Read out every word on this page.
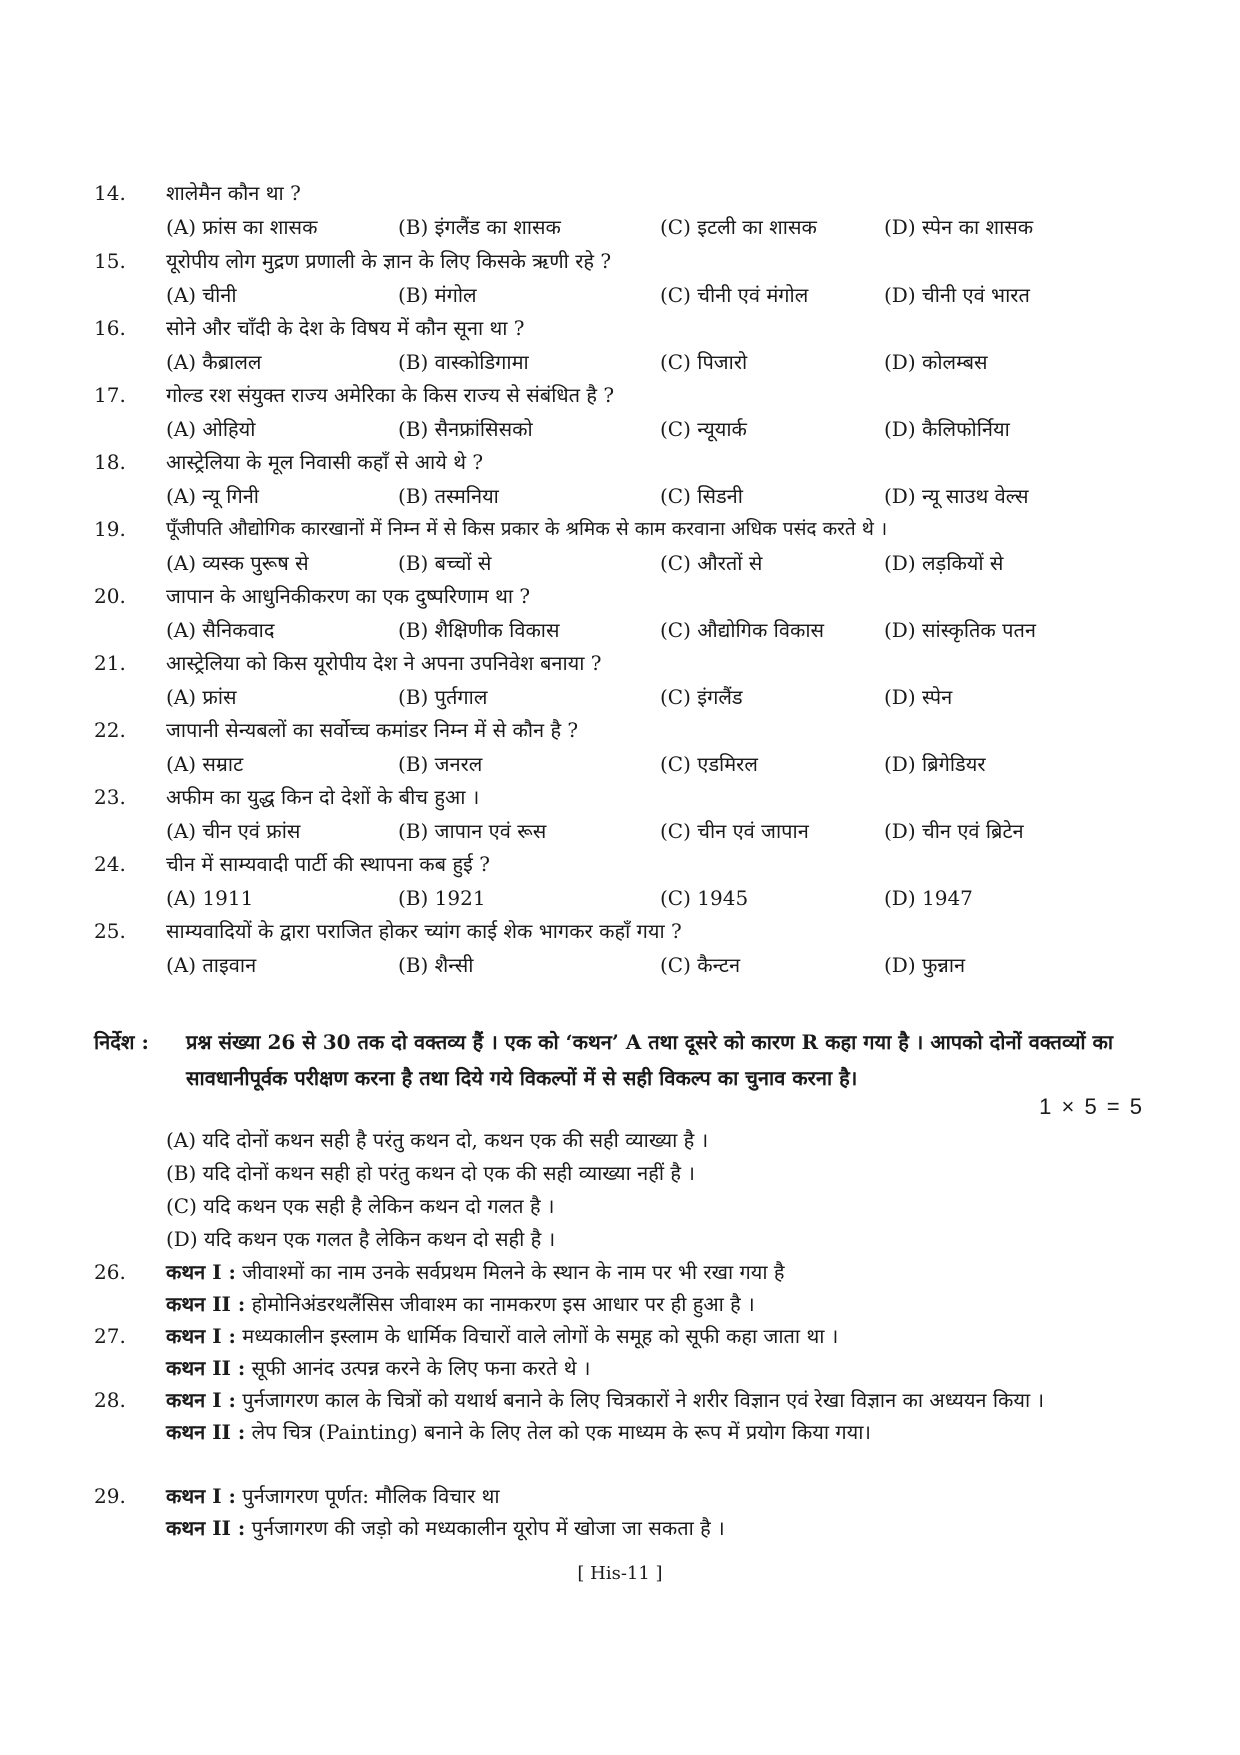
14.	शालेमैन कौन था ?
(A) फ्रांस का शासक	(B) इंगलैंड का शासक	(C) इटली का शासक	(D) स्पेन का शासक
15.	यूरोपीय लोग मुद्रण प्रणाली के ज्ञान के लिए किसके ऋणी रहे ?
(A) चीनी	(B) मंगोल	(C) चीनी एवं मंगोल	(D) चीनी एवं भारत
16.	सोने और चाँदी के देश के विषय में कौन सूना था ?
(A) कैब्रालल	(B) वास्कोडिगामा	(C) पिजारो	(D) कोलम्बस
17.	गोल्ड रश संयुक्त राज्य अमेरिका के किस राज्य से संबंधित है ?
(A) ओहियो	(B) सैनफ्रांसिसको	(C) न्यूयार्क	(D) कैलिफोर्निया
18.	आस्ट्रेलिया के मूल निवासी कहाँ से आये थे ?
(A) न्यू गिनी	(B) तस्मनिया	(C) सिडनी	(D) न्यू साउथ वेल्स
19.	पूँजीपति औद्योगिक कारखानों में निम्न में से किस प्रकार के श्रमिक से काम करवाना अधिक पसंद करते थे ।
(A) व्यस्क पुरूष से	(B) बच्चों से	(C) औरतों से	(D) लड़कियों से
20.	जापान के आधुनिकीकरण का एक दुष्परिणाम था ?
(A) सैनिकवाद	(B) शैक्षिणीक विकास	(C) औद्योगिक विकास	(D) सांस्कृतिक पतन
21.	आस्ट्रेलिया को किस यूरोपीय देश ने अपना उपनिवेश बनाया ?
(A) फ्रांस	(B) पुर्तगाल	(C) इंगलैंड	(D) स्पेन
22.	जापानी सेन्यबलों का सर्वोच्च कमांडर निम्न में से कौन है ?
(A) सम्राट	(B) जनरल	(C) एडमिरल	(D) ब्रिगेडियर
23.	अफीम का युद्ध किन दो देशों के बीच हुआ ।
(A) चीन एवं फ्रांस	(B) जापान एवं रूस	(C) चीन एवं जापान	(D) चीन एवं ब्रिटेन
24.	चीन में साम्यवादी पार्टी की स्थापना कब हुई ?
(A) 1911	(B) 1921	(C) 1945	(D) 1947
25.	साम्यवादियों के द्वारा पराजित होकर च्यांग काई शेक भागकर कहाँ गया ?
(A) ताइवान	(B) शैन्सी	(C) कैन्टन	(D) फुन्नान
निर्देश : प्रश्न संख्या 26 से 30 तक दो वक्तव्य हैं । एक को ‘कथन’ A तथा दूसरे को कारण R कहा गया है । आपको दोनों वक्तव्यों का सावधानीपूर्वक परीक्षण करना है तथा दिये गये विकल्पों में से सही विकल्प का चुनाव करना है।
1 × 5 = 5
(A) यदि दोनों कथन सही है परंतु कथन दो, कथन एक की सही व्याख्या है ।
(B) यदि दोनों कथन सही हो परंतु कथन दो एक की सही व्याख्या नहीं है ।
(C) यदि कथन एक सही है लेकिन कथन दो गलत है ।
(D) यदि कथन एक गलत है लेकिन कथन दो सही है ।
26. कथन I : जीवाश्मों का नाम उनके सर्वप्रथम मिलने के स्थान के नाम पर भी रखा गया है
कथन II : होमोनिअंडरथलैंसिस जीवाश्म का नामकरण इस आधार पर ही हुआ है ।
27. कथन I : मध्यकालीन इस्लाम के धार्मिक विचारों वाले लोगों के समूह को सूफी कहा जाता था ।
कथन II : सूफी आनंद उत्पन्न करने के लिए फना करते थे ।
28. कथन I : पुर्नजागरण काल के चित्रों को यथार्थ बनाने के लिए चित्रकारों ने शरीर विज्ञान एवं रेखा विज्ञान का अध्ययन किया ।
कथन II : लेप चित्र (Painting) बनाने के लिए तेल को एक माध्यम के रूप में प्रयोग किया गया।
29. कथन I : पुर्नजागरण पूर्णत: मौलिक विचार था
कथन II : पुर्नजागरण की जड़ो को मध्यकालीन यूरोप में खोजा जा सकता है ।
[ His-11 ]
